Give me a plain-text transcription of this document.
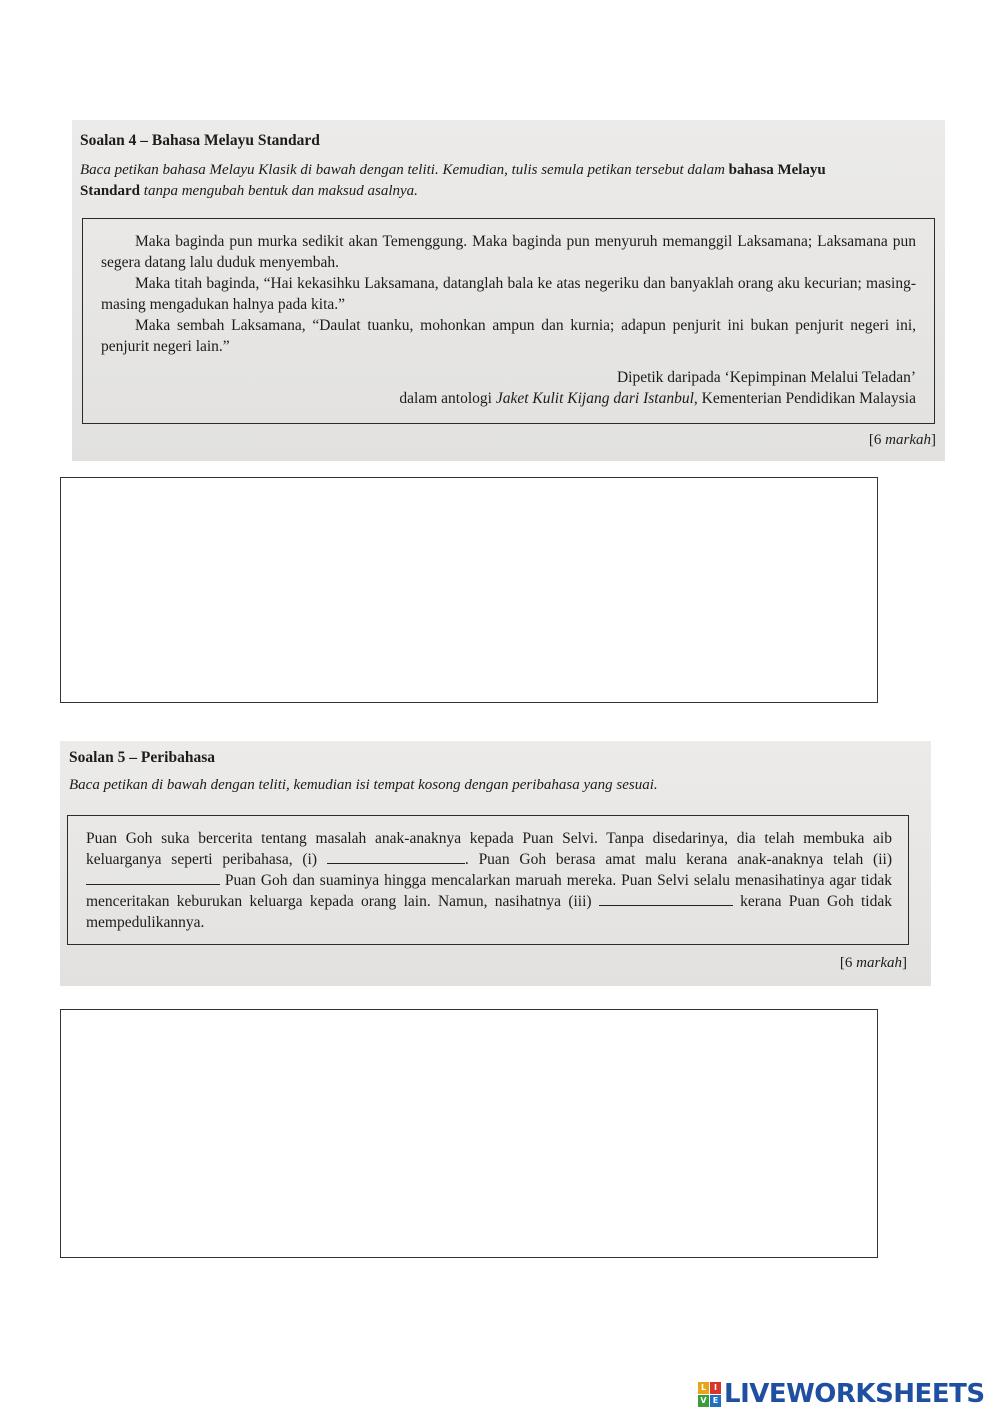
Soalan 4 – Bahasa Melayu Standard
Baca petikan bahasa Melayu Klasik di bawah dengan teliti. Kemudian, tulis semula petikan tersebut dalam bahasa Melayu
Standard tanpa mengubah bentuk dan maksud asalnya.

Maka baginda pun murka sedikit akan Temenggung. Maka baginda pun menyuruh memanggil Laksamana; Laksamana pun segera datang lalu duduk menyembah.

Maka titah baginda, “Hai kekasihku Laksamana, datanglah bala ke atas negeriku dan banyaklah orang aku kecurian; masing-masing mengadukan halnya pada kita.”

Maka sembah Laksamana, “Daulat tuanku, mohonkan ampun dan kurnia; adapun penjurit ini bukan penjurit negeri ini, penjurit negeri lain.”

Dipetik daripada ‘Kepimpinan Melalui Teladan’
dalam antologi Jaket Kulit Kijang dari Istanbul, Kementerian Pendidikan Malaysia
[6 markah]
Soalan 5 – Peribahasa
Baca petikan di bawah dengan teliti, kemudian isi tempat kosong dengan peribahasa yang sesuai.

Puan Goh suka bercerita tentang masalah anak-anaknya kepada Puan Selvi. Tanpa disedarinya, dia telah membuka aib keluarganya seperti peribahasa, (i)	. Puan Goh berasa amat malu kerana anak-anaknya telah (ii)  Puan Goh dan suaminya hingga mencalarkan maruah mereka. Puan Selvi selalu menasihatinya agar tidak menceritakan keburukan keluarga kepada orang lain. Namun, nasihatnya (iii)	kerana Puan Goh tidak mempedulikannya.

[6 markah]
L I
V E LIVEWORKSHEETS
